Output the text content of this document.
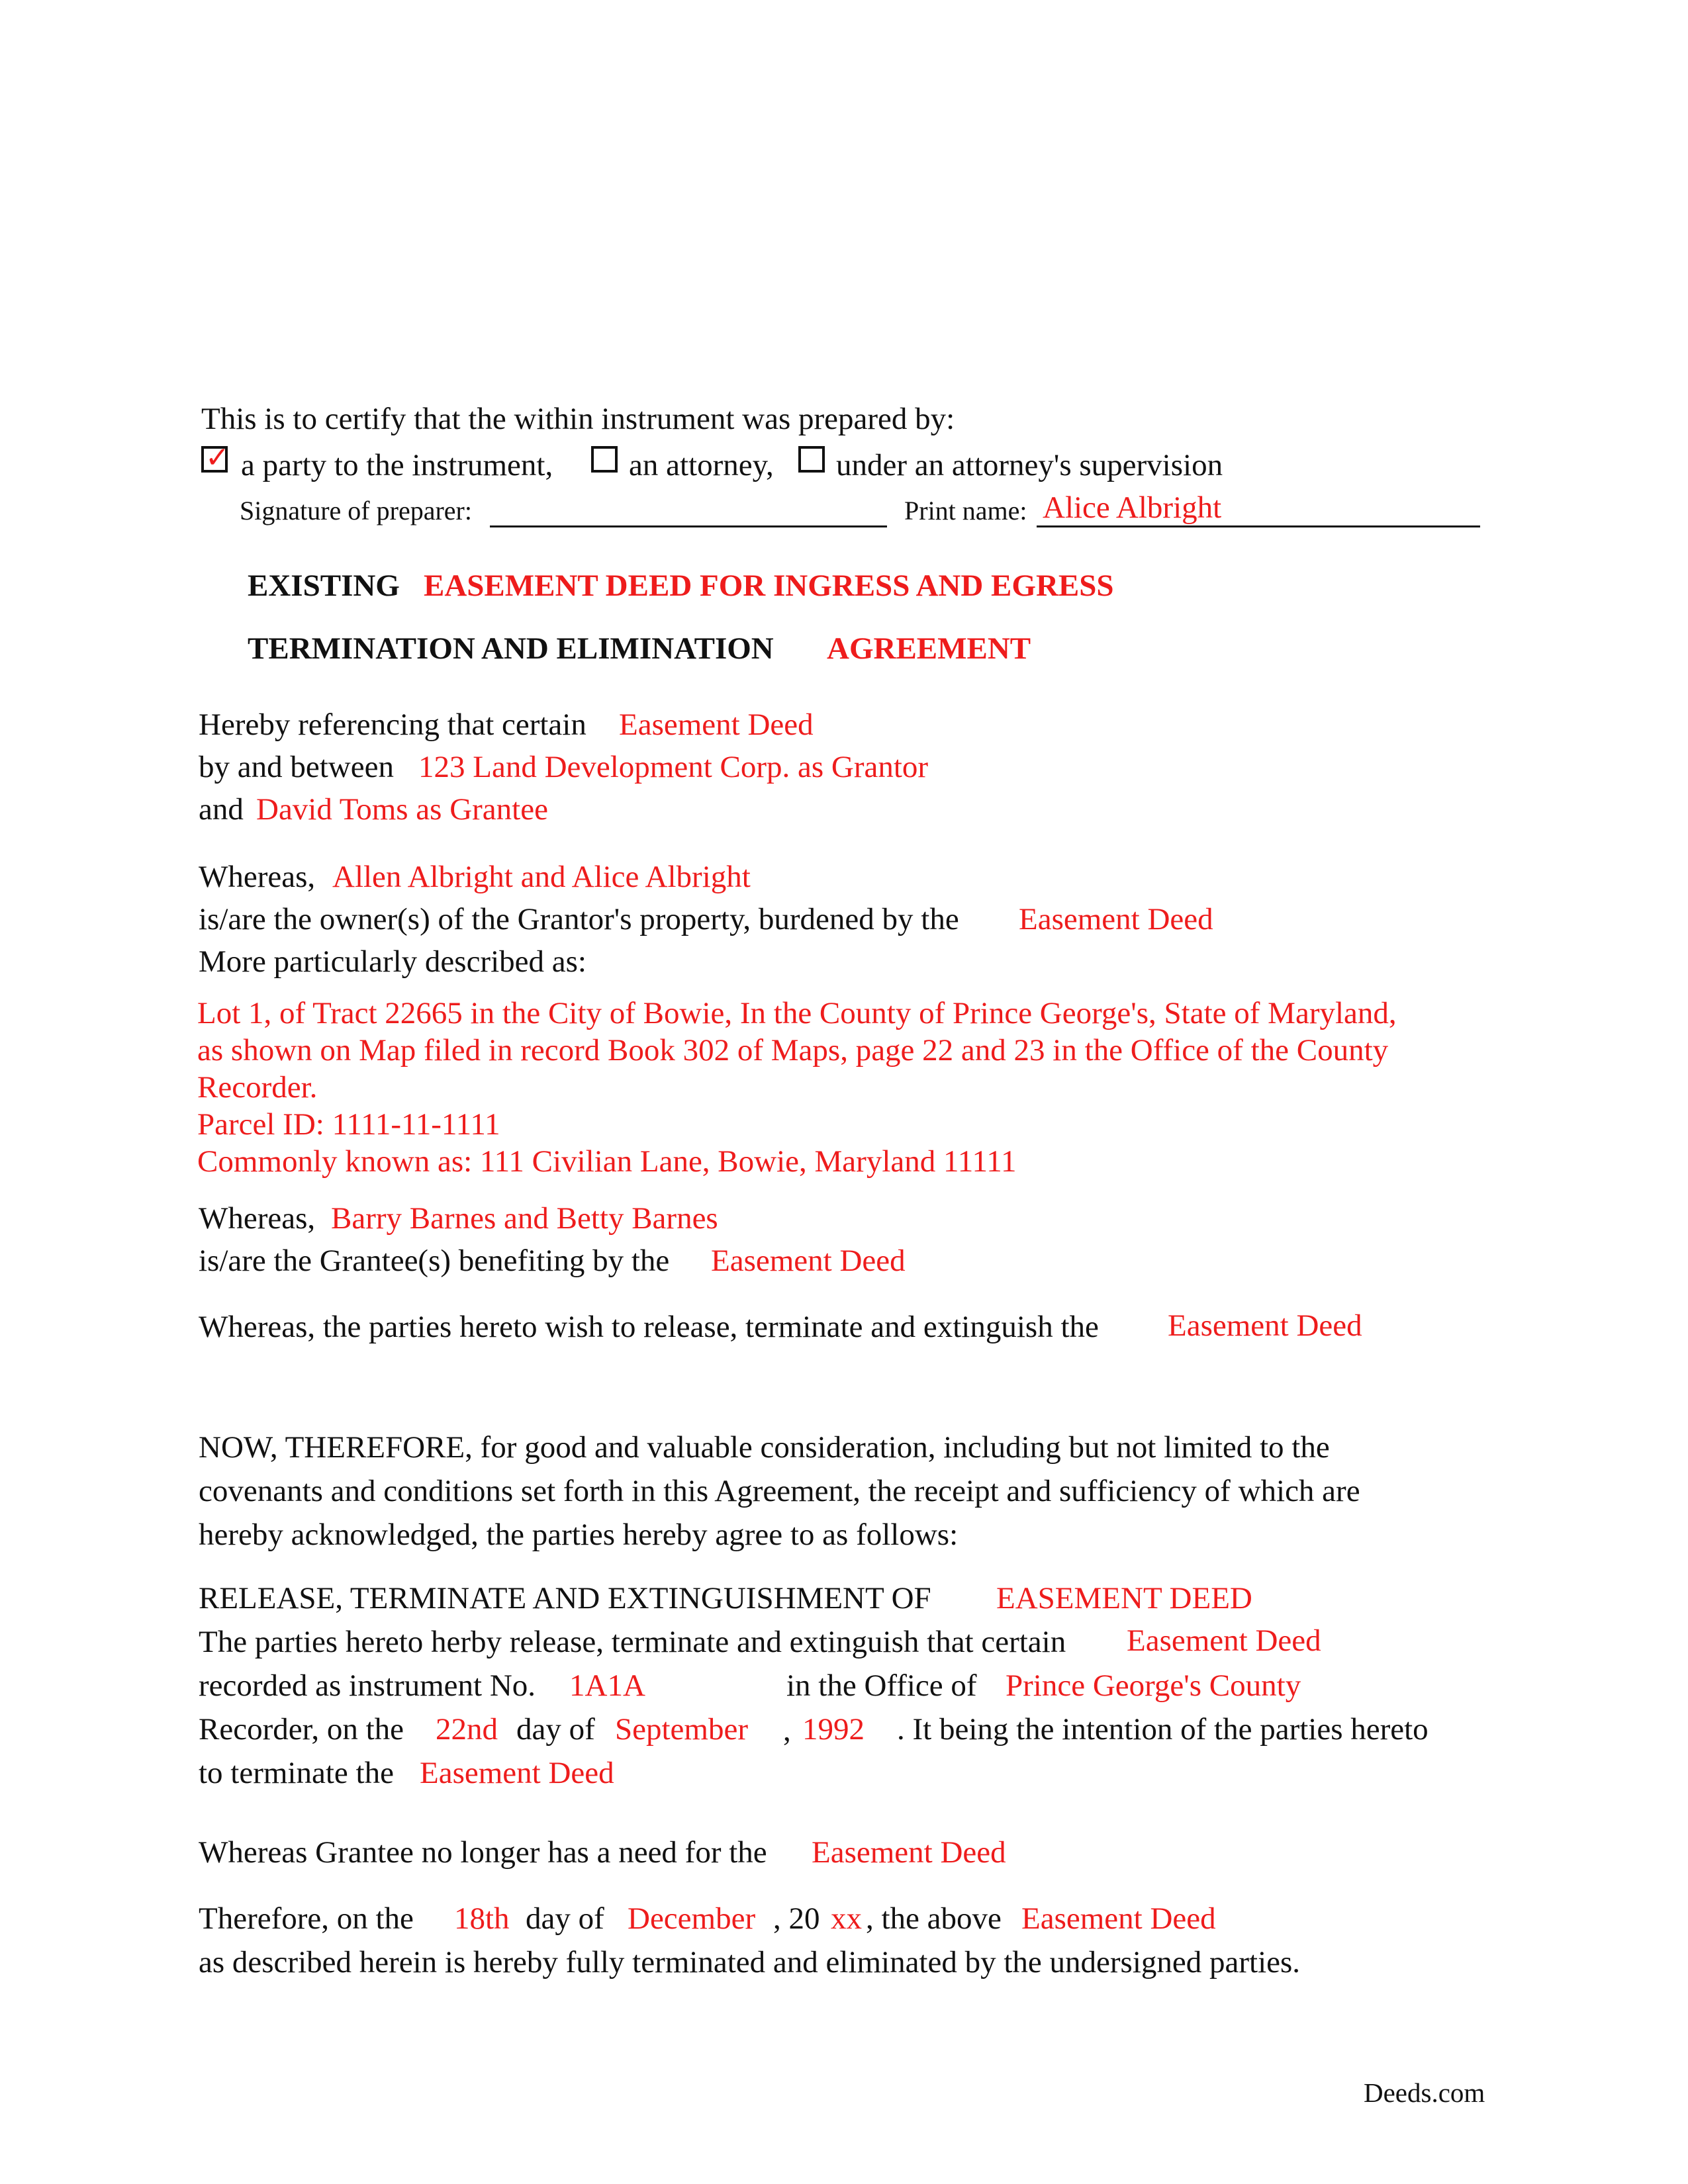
This is to certify that the within instrument was prepared by:
✓ a party to the instrument, an attorney, under an attorney's supervision
Signature of preparer:	Print name: Alice Albright
EXISTING EASEMENT DEED FOR INGRESS AND EGRESS
TERMINATION AND ELIMINATION AGREEMENT
Hereby referencing that certain Easement Deed
by and between 123 Land Development Corp. as Grantor
and David Toms as Grantee
Whereas, Allen Albright and Alice Albright
is/are the owner(s) of the Grantor's property, burdened by the Easement Deed
More particularly described as:
Lot 1, of Tract 22665 in the City of Bowie, In the County of Prince George's, State of Maryland,
as shown on Map filed in record Book 302 of Maps, page 22 and 23 in the Office of the County
Recorder.
Parcel ID: 1111-11-1111
Commonly known as: 111 Civilian Lane, Bowie, Maryland 11111
Whereas, Barry Barnes and Betty Barnes
is/are the Grantee(s) benefiting by the Easement Deed
Whereas, the parties hereto wish to release, terminate and extinguish the Easement Deed
NOW, THEREFORE, for good and valuable consideration, including but not limited to the
covenants and conditions set forth in this Agreement, the receipt and sufficiency of which are
hereby acknowledged, the parties hereby agree to as follows:
RELEASE, TERMINATE AND EXTINGUISHMENT OF EASEMENT DEED
The parties hereto herby release, terminate and extinguish that certain Easement Deed
recorded as instrument No. 1A1A	in the Office of Prince George's County
Recorder, on the 22nd day of September , 1992 . It being the intention of the parties hereto
to terminate the Easement Deed
Whereas Grantee no longer has a need for the Easement Deed
Therefore, on the 18th day of December , 20 xx , the above Easement Deed
as described herein is hereby fully terminated and eliminated by the undersigned parties.
Deeds.com
